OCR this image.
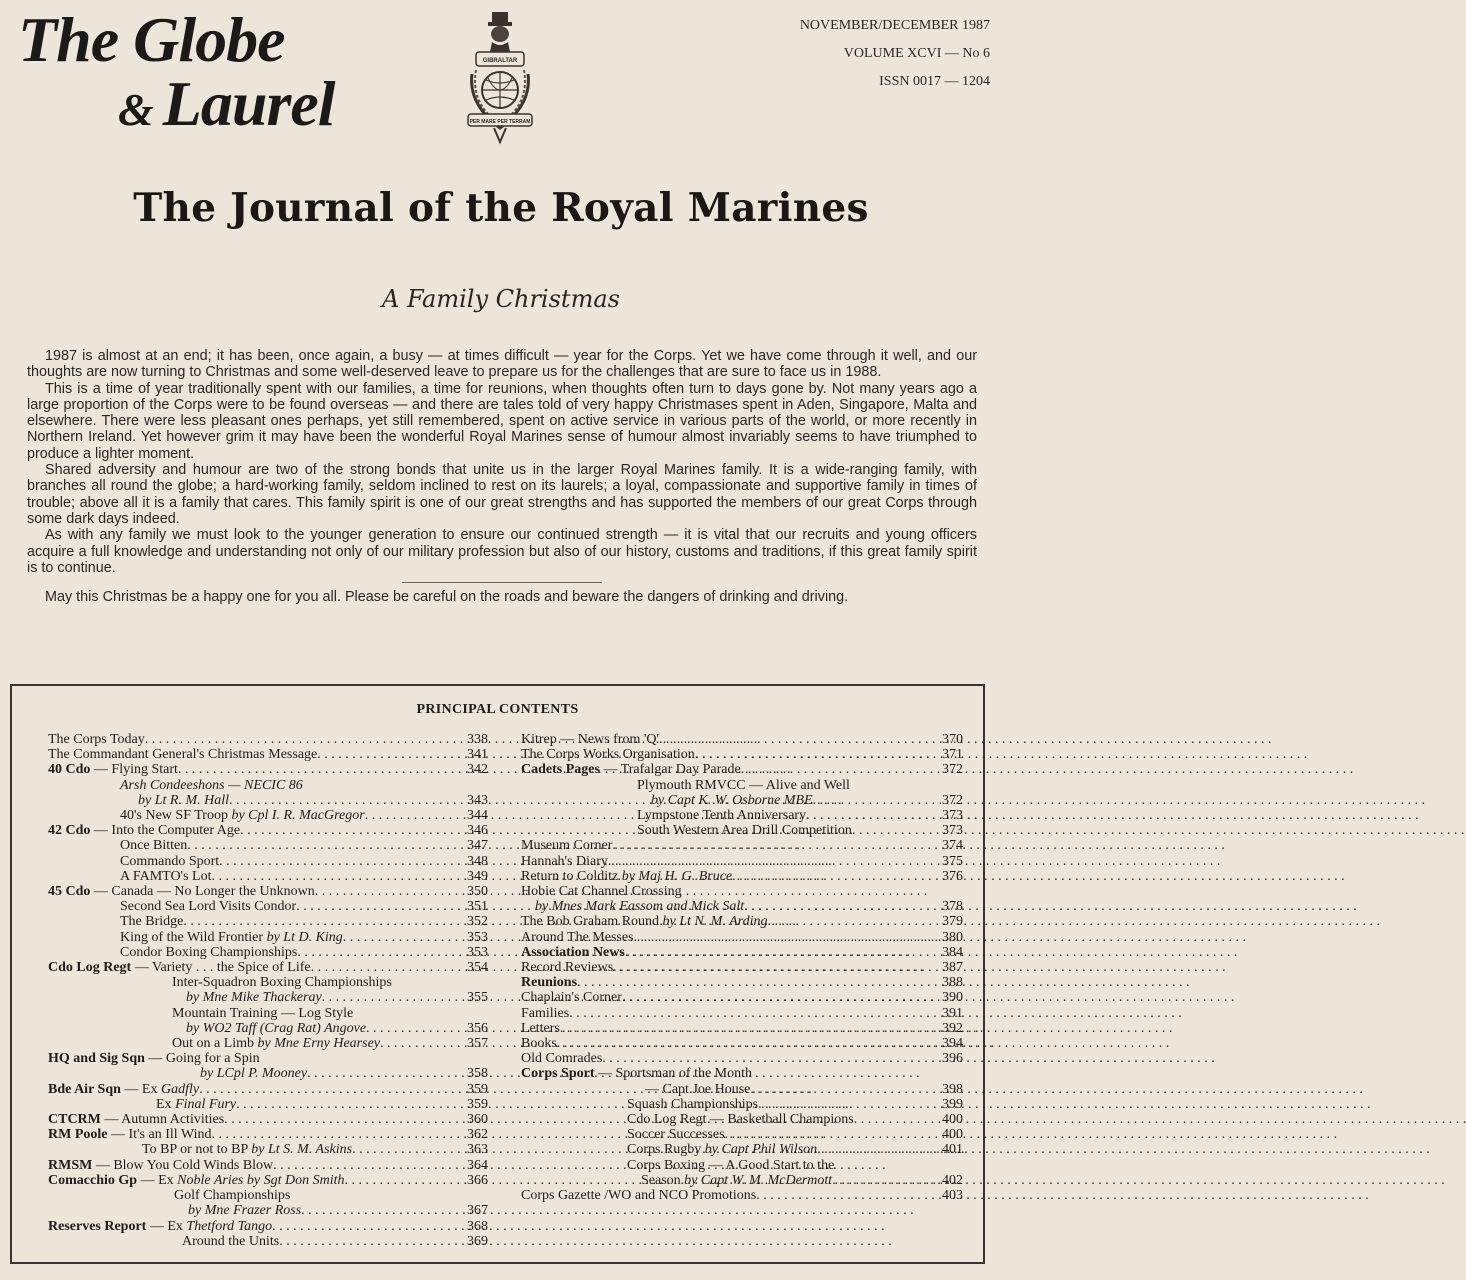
The Globe
& Laurel
GIBRALTAR
PER MARE PER TERRAM
NOVEMBER/DECEMBER 1987
VOLUME XCVI — No 6
ISSN 0017 — 1204
The Journal of the Royal Marines
A Family Christmas

1987 is almost at an end; it has been, once again, a busy — at times difficult — year for the Corps. Yet we have come through it well, and our thoughts are now turning to Christmas and some well-deserved leave to prepare us for the challenges that are sure to face us in 1988.

This is a time of year traditionally spent with our families, a time for reunions, when thoughts often turn to days gone by. Not many years ago a large proportion of the Corps were to be found overseas — and there are tales told of very happy Christmases spent in Aden, Singapore, Malta and elsewhere. There were less pleasant ones perhaps, yet still remembered, spent on active service in various parts of the world, or more recently in Northern Ireland. Yet however grim it may have been the wonderful Royal Marines sense of humour almost invariably seems to have triumphed to produce a lighter moment.

Shared adversity and humour are two of the strong bonds that unite us in the larger Royal Marines family. It is a wide-ranging family, with branches all round the globe; a hard-working family, seldom inclined to rest on its laurels; a loyal, compassionate and supportive family in times of trouble; above all it is a family that cares. This family spirit is one of our great strengths and has supported the members of our great Corps through some dark days indeed.

As with any family we must look to the younger generation to ensure our continued strength — it is vital that our recruits and young officers acquire a full knowledge and understanding not only of our military profession but also of our history, customs and traditions, if this great family spirit is to continue.

May this Christmas be a happy one for you all. Please be careful on the roads and beware the dangers of drinking and driving.

PRINCIPAL CONTENTS
The Corps Today . . .	338
The Commandant General's Christmas Message . . .	341
40 Cdo — Flying Start . . .	342
Arsh Condeeshons — NECIC 86
by Lt R. M. Hall . . .	343
40's New SF Troop by Cpl I. R. MacGregor . . .	344
42 Cdo — Into the Computer Age . . .	346
Once Bitten . . .	347
Commando Sport . . .	348
A FAMTO's Lot . . .	349
45 Cdo — Canada — No Longer the Unknown . . .	350
Second Sea Lord Visits Condor . . .	351
The Bridge . . .	352
King of the Wild Frontier by Lt D. King . . .	353
Condor Boxing Championships . . .	353
Cdo Log Regt — Variety . . . the Spice of Life . . .	354
Inter-Squadron Boxing Championships
by Mne Mike Thackeray . . .	355
Mountain Training — Log Style
by WO2 Taff (Crag Rat) Angove . . .	356
Out on a Limb by Mne Erny Hearsey . . .	357
HQ and Sig Sqn — Going for a Spin
by LCpl P. Mooney . . .	358
Bde Air Sqn — Ex Gadfly . . .	359
Ex Final Fury . . .	359
CTCRM — Autumn Activities . . .	360
RM Poole — It's an Ill Wind . . .	362
To BP or not to BP by Lt S. M. Askins . . .	363
RMSM — Blow You Cold Winds Blow . . .	364
Comacchio Gp — Ex Noble Aries by Sgt Don Smith . . .	366
Golf Championships
by Mne Frazer Ross . . .	367
Reserves Report — Ex Thetford Tango . . .	368
Around the Units . . .	369
Kitrep — News from 'Q' . . .	370
The Corps Works Organisation . . .	371
Cadets Pages — Trafalgar Day Parade . . .	372
Plymouth RMVCC — Alive and Well
by Capt K. W. Osborne MBE . . .	372
Lympstone Tenth Anniversary . . .	373
South Western Area Drill Competition . . .	373
Museum Corner . . .	374
Hannah's Diary . . .	375
Return to Colditz by Maj H. G. Bruce . . .	376
Hobie Cat Channel Crossing
by Mnes Mark Eassom and Mick Salt . . .	378
The Bob Graham Round by Lt N. M. Arding . . .	379
Around The Messes . . .	380
Association News . . .	384
Record Reviews . . .	387
Reunions . . .	388
Chaplain's Corner . . .	390
Families . . .	391
Letters . . .	392
Books . . .	394
Old Comrades . . .	396
Corps Sport — Sportsman of the Month
— Capt Joe House . . .	398
Squash Championships . . .	399
Cdo Log Regt — Basketball Champions . . .	400
Soccer Successes . . .	400
Corps Rugby by Capt Phil Wilson . . .	401
Corps Boxing — A Good Start to the
Season by Capt W. M. McDermott . . .	402
Corps Gazette /WO and NCO Promotions . . .	403
